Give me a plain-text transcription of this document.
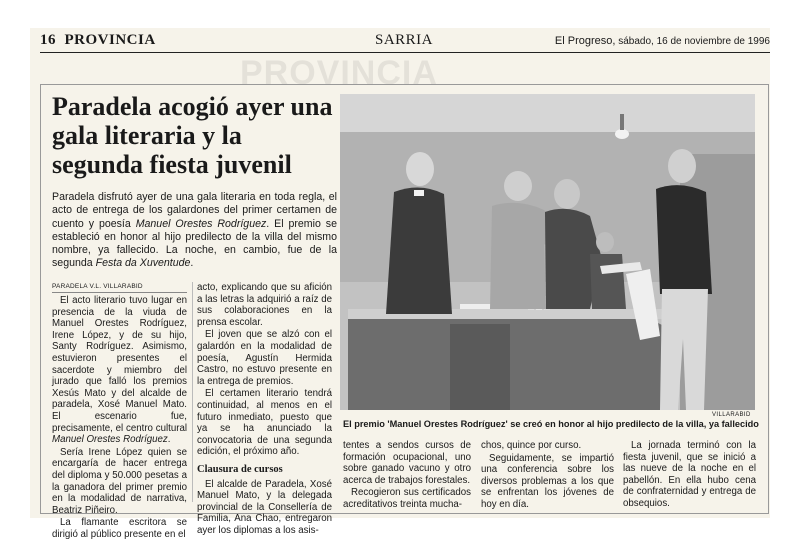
16 PROVINCIA	SARRIA	El Progreso, sábado, 16 de noviembre de 1996
PROVINCIA
Paradela acogió ayer una gala literaria y la segunda fiesta juvenil
Paradela disfrutó ayer de una gala literaria en toda regla, el acto de entrega de los galardones del primer certamen de cuento y poesía Manuel Orestes Rodríguez. El premio se estableció en honor al hijo predilecto de la villa del mismo nombre, ya fallecido. La noche, en cambio, fue de la segunda Festa da Xuventude.
PARADELA V.L. VILLARABID

El acto literario tuvo lugar en presencia de la viuda de Manuel Orestes Rodríguez, Irene López, y de su hijo, Santy Rodríguez. Asimismo, estuvieron presentes el sacerdote y miembro del jurado que falló los premios Xesús Mato y del alcalde de paradela, Xosé Manuel Mato. El escenario fue, precisamente, el centro cultural Manuel Orestes Rodríguez.

Sería Irene López quien se encargaría de hacer entrega del diploma y 50.000 pesetas a la ganadora del primer premio en la modalidad de narrativa, Beatriz Piñeiro.

La flamante escritora se dirigió al público presente en el

acto, explicando que su afición a las letras la adquirió a raíz de sus colaboraciones en la prensa escolar.

El joven que se alzó con el galardón en la modalidad de poesía, Agustín Hermida Castro, no estuvo presente en la entrega de premios.

El certamen literario tendrá continuidad, al menos en el futuro inmediato, puesto que ya se ha anunciado la convocatoria de una segunda edición, el próximo año.

Clausura de cursos

El alcalde de Paradela, Xosé Manuel Mato, y la delegada provincial de la Consellería de Familia, Ana Chao, entregaron ayer los diplomas a los asis-

VILLARABID
El premio 'Manuel Orestes Rodríguez' se creó en honor al hijo predilecto de la villa, ya fallecido

tentes a sendos cursos de formación ocupacional, uno sobre ganado vacuno y otro acerca de trabajos forestales.

Recogieron sus certificados acreditativos treinta mucha-

chos, quince por curso.

Seguidamente, se impartió una conferencia sobre los diversos problemas a los que se enfrentan los jóvenes de hoy en día.

La jornada terminó con la fiesta juvenil, que se inició a las nueve de la noche en el pabellón. En ella hubo cena de confraternidad y entrega de obsequios.
